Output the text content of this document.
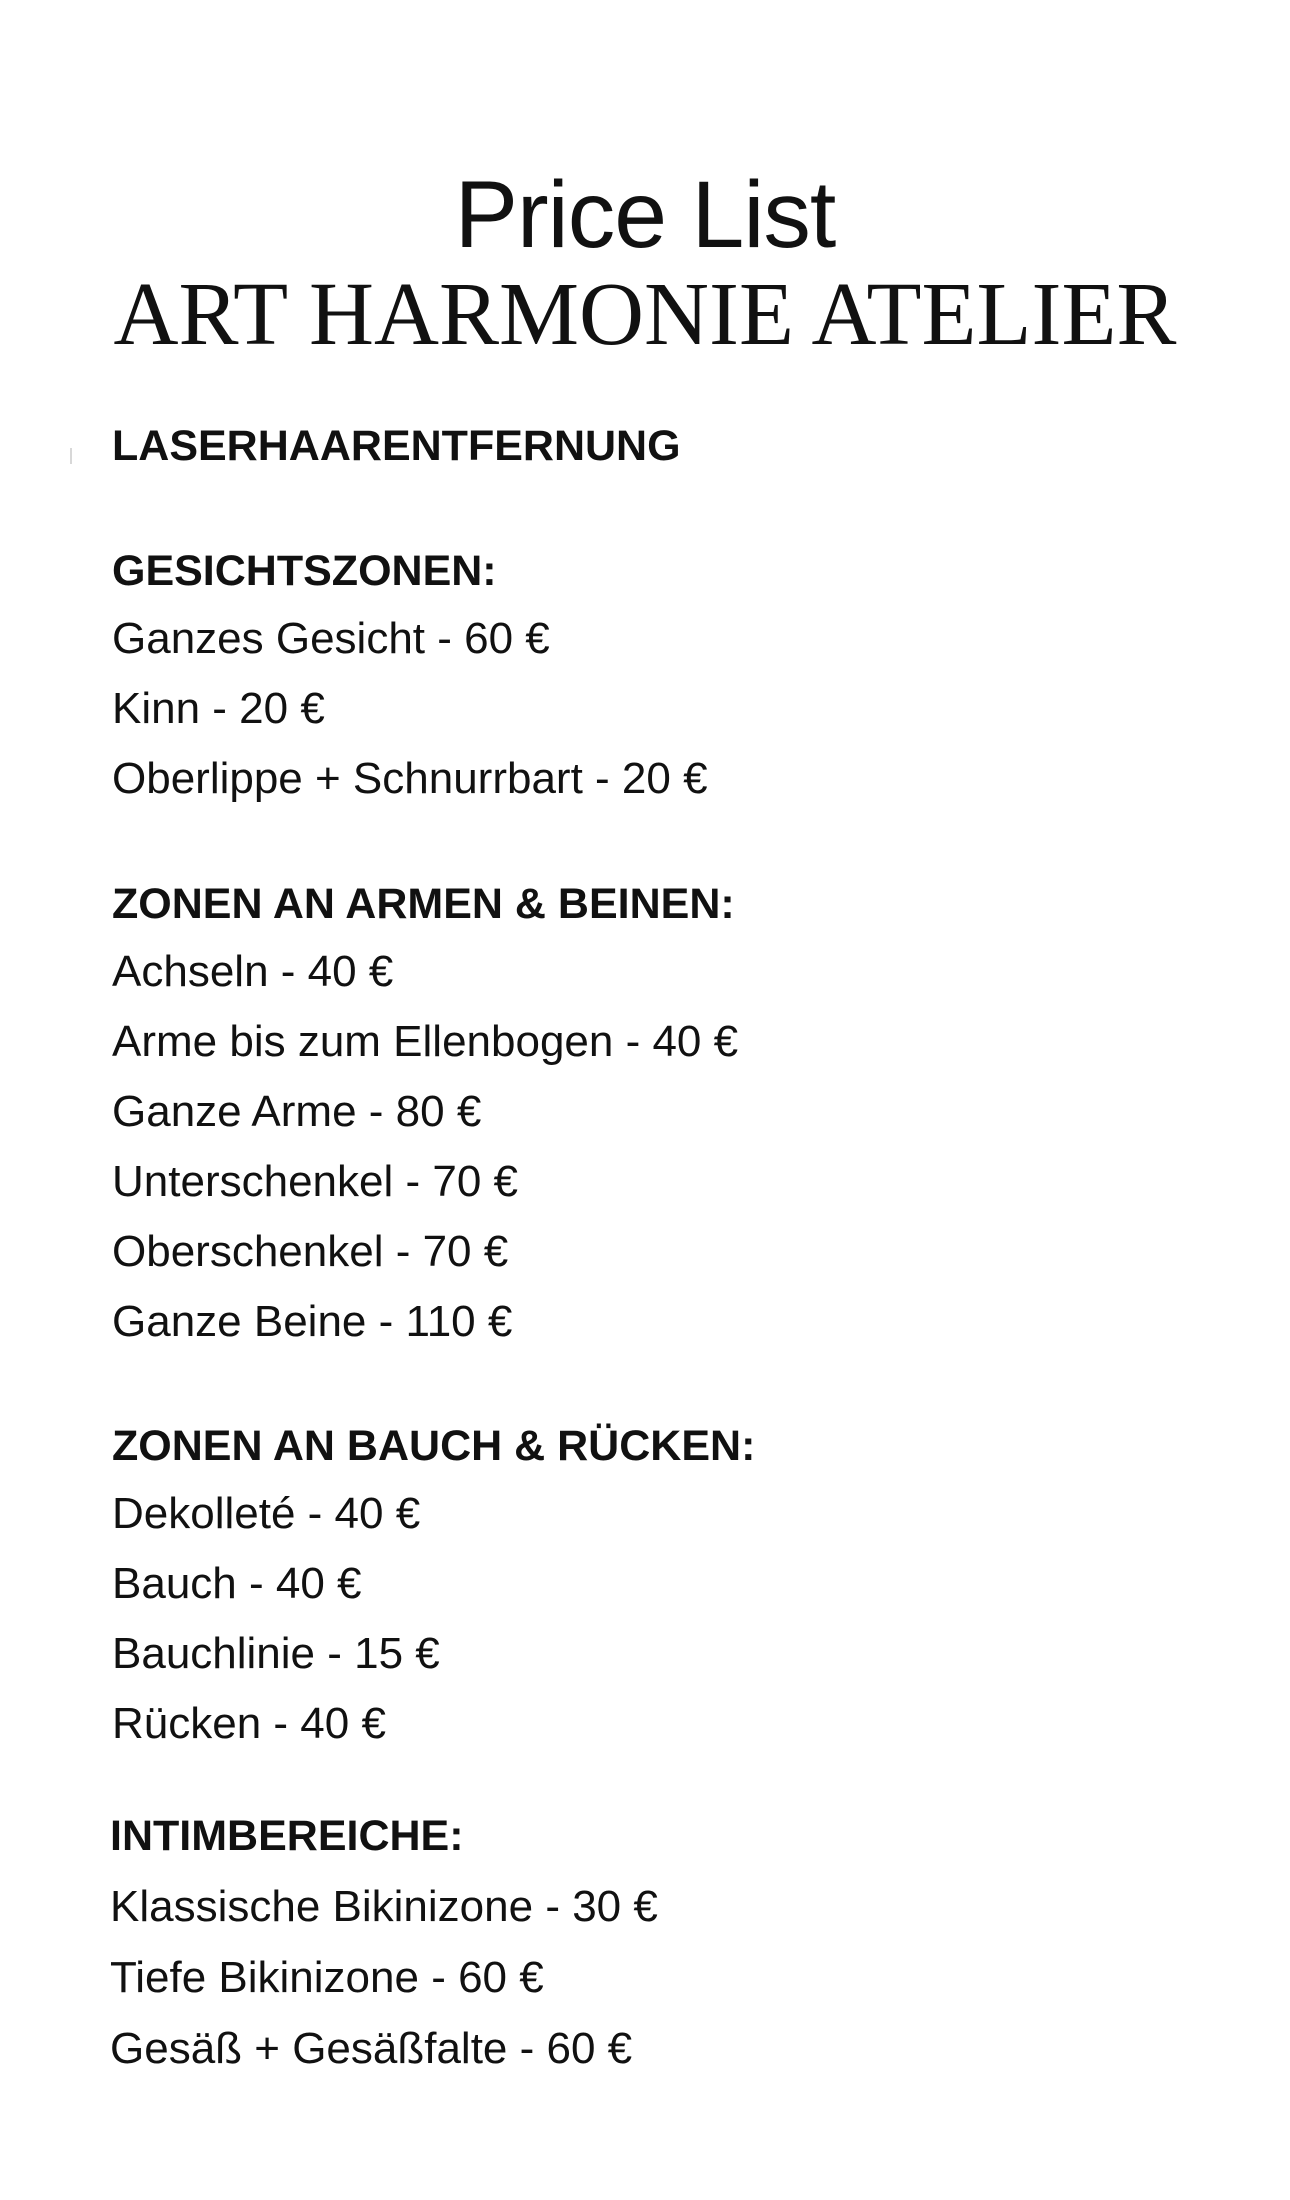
Price List
ART HARMONIE ATELIER
LASERHAARENTFERNUNG
GESICHTSZONEN:
Ganzes Gesicht - 60 €
Kinn - 20 €
Oberlippe + Schnurrbart - 20 €
ZONEN AN ARMEN & BEINEN:
Achseln - 40 €
Arme bis zum Ellenbogen - 40 €
Ganze Arme - 80 €
Unterschenkel - 70 €
Oberschenkel - 70 €
Ganze Beine - 110 €
ZONEN AN BAUCH & RÜCKEN:
Dekolleté - 40 €
Bauch - 40 €
Bauchlinie - 15 €
Rücken - 40 €
INTIMBEREICHE:
Klassische Bikinizone - 30 €
Tiefe Bikinizone - 60 €
Gesäß + Gesäßfalte - 60 €
